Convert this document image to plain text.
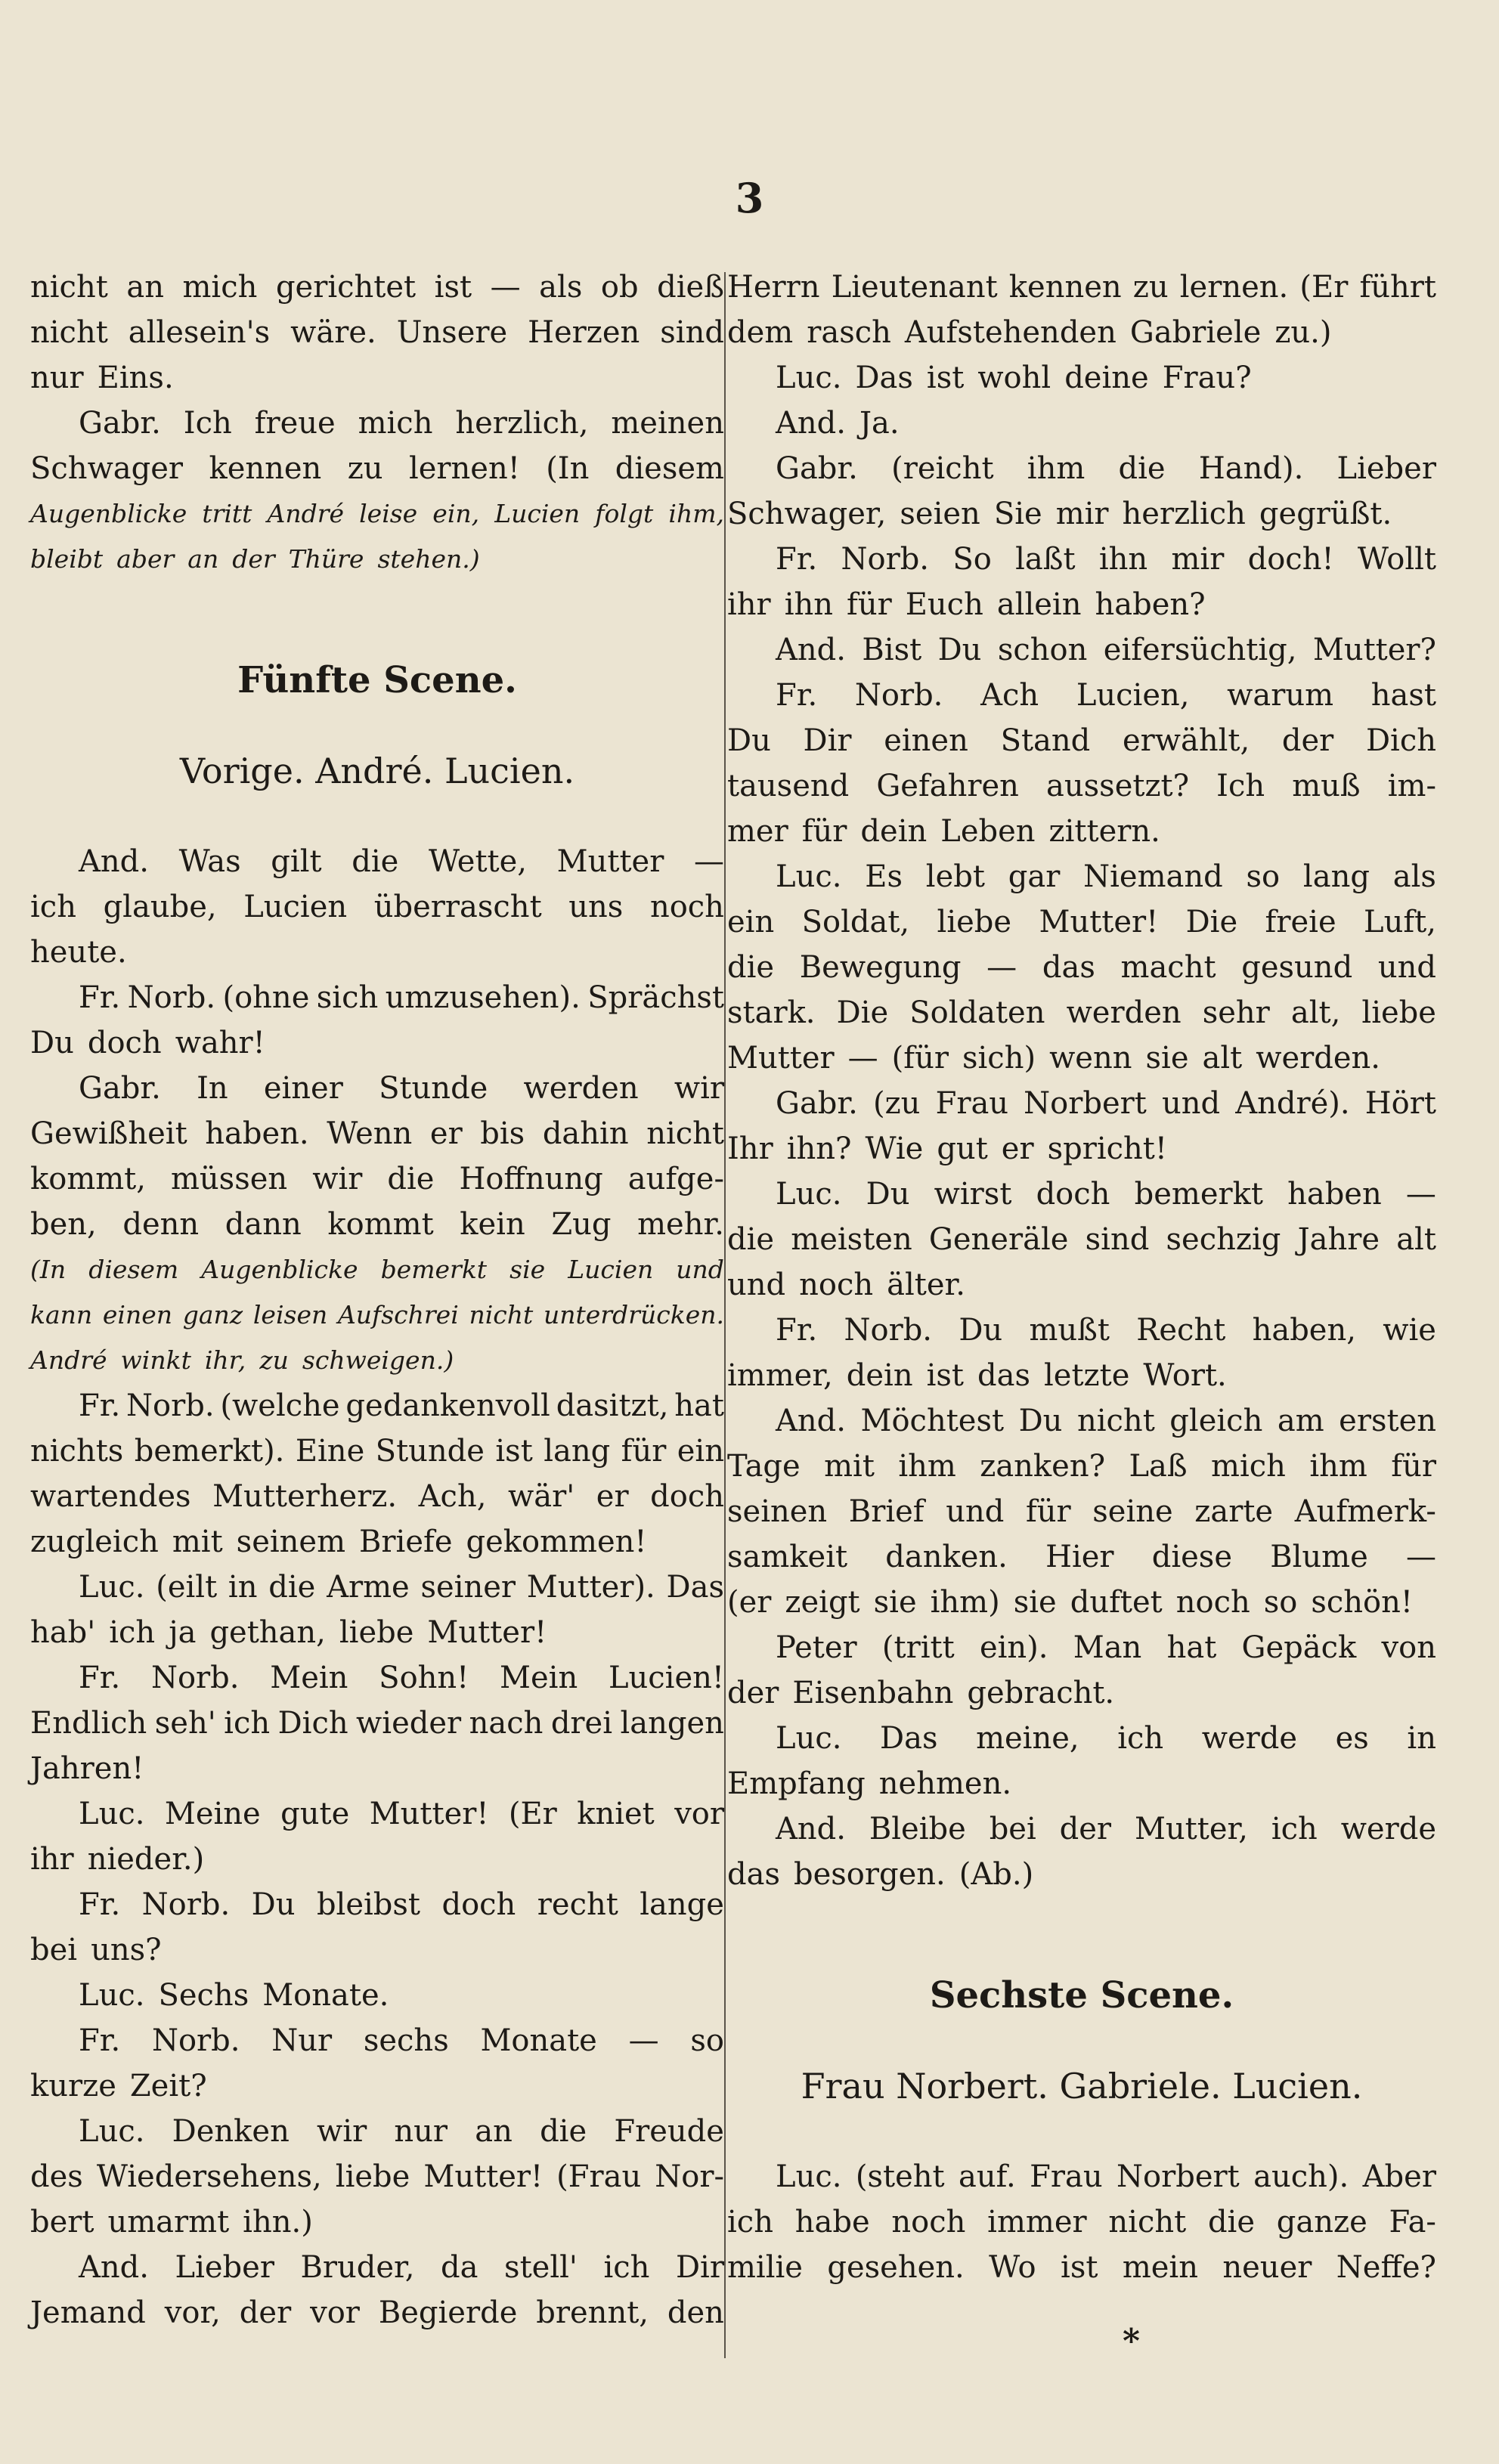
3
nicht an mich gerichtet ist — als ob dieß
nicht allesein's wäre. Unsere Herzen sind
nur Eins.
Gabr. Ich freue mich herzlich, meinen
Schwager kennen zu lernen! (In diesem
Augenblicke tritt André leise ein, Lucien folgt ihm,
bleibt aber an der Thüre stehen.)
Fünfte Scene.
Vorige. André. Lucien.
And. Was gilt die Wette, Mutter —
ich glaube, Lucien überrascht uns noch
heute.
Fr. Norb. (ohne sich umzusehen). Sprächst
Du doch wahr!
Gabr. In einer Stunde werden wir
Gewißheit haben. Wenn er bis dahin nicht
kommt, müssen wir die Hoffnung aufge-
ben, denn dann kommt kein Zug mehr.
(In diesem Augenblicke bemerkt sie Lucien und
kann einen ganz leisen Aufschrei nicht unterdrücken.
André winkt ihr, zu schweigen.)
Fr. Norb. (welche gedankenvoll dasitzt, hat
nichts bemerkt). Eine Stunde ist lang für ein
wartendes Mutterherz. Ach, wär' er doch
zugleich mit seinem Briefe gekommen!
Luc. (eilt in die Arme seiner Mutter). Das
hab' ich ja gethan, liebe Mutter!
Fr. Norb. Mein Sohn! Mein Lucien!
Endlich seh' ich Dich wieder nach drei langen
Jahren!
Luc. Meine gute Mutter! (Er kniet vor
ihr nieder.)
Fr. Norb. Du bleibst doch recht lange
bei uns?
Luc. Sechs Monate.
Fr. Norb. Nur sechs Monate — so
kurze Zeit?
Luc. Denken wir nur an die Freude
des Wiedersehens, liebe Mutter! (Frau Nor-
bert umarmt ihn.)
And. Lieber Bruder, da stell' ich Dir
Jemand vor, der vor Begierde brennt, den
Herrn Lieutenant kennen zu lernen. (Er führt
dem rasch Aufstehenden Gabriele zu.)
Luc. Das ist wohl deine Frau?
And. Ja.
Gabr. (reicht ihm die Hand). Lieber
Schwager, seien Sie mir herzlich gegrüßt.
Fr. Norb. So laßt ihn mir doch! Wollt
ihr ihn für Euch allein haben?
And. Bist Du schon eifersüchtig, Mutter?
Fr. Norb. Ach Lucien, warum hast
Du Dir einen Stand erwählt, der Dich
tausend Gefahren aussetzt? Ich muß im-
mer für dein Leben zittern.
Luc. Es lebt gar Niemand so lang als
ein Soldat, liebe Mutter! Die freie Luft,
die Bewegung — das macht gesund und
stark. Die Soldaten werden sehr alt, liebe
Mutter — (für sich) wenn sie alt werden.
Gabr. (zu Frau Norbert und André). Hört
Ihr ihn? Wie gut er spricht!
Luc. Du wirst doch bemerkt haben —
die meisten Generäle sind sechzig Jahre alt
und noch älter.
Fr. Norb. Du mußt Recht haben, wie
immer, dein ist das letzte Wort.
And. Möchtest Du nicht gleich am ersten
Tage mit ihm zanken? Laß mich ihm für
seinen Brief und für seine zarte Aufmerk-
samkeit danken. Hier diese Blume —
(er zeigt sie ihm) sie duftet noch so schön!
Peter (tritt ein). Man hat Gepäck von
der Eisenbahn gebracht.
Luc. Das meine, ich werde es in
Empfang nehmen.
And. Bleibe bei der Mutter, ich werde
das besorgen. (Ab.)
Sechste Scene.
Frau Norbert. Gabriele. Lucien.
Luc. (steht auf. Frau Norbert auch). Aber
ich habe noch immer nicht die ganze Fa-
milie gesehen. Wo ist mein neuer Neffe?
*
